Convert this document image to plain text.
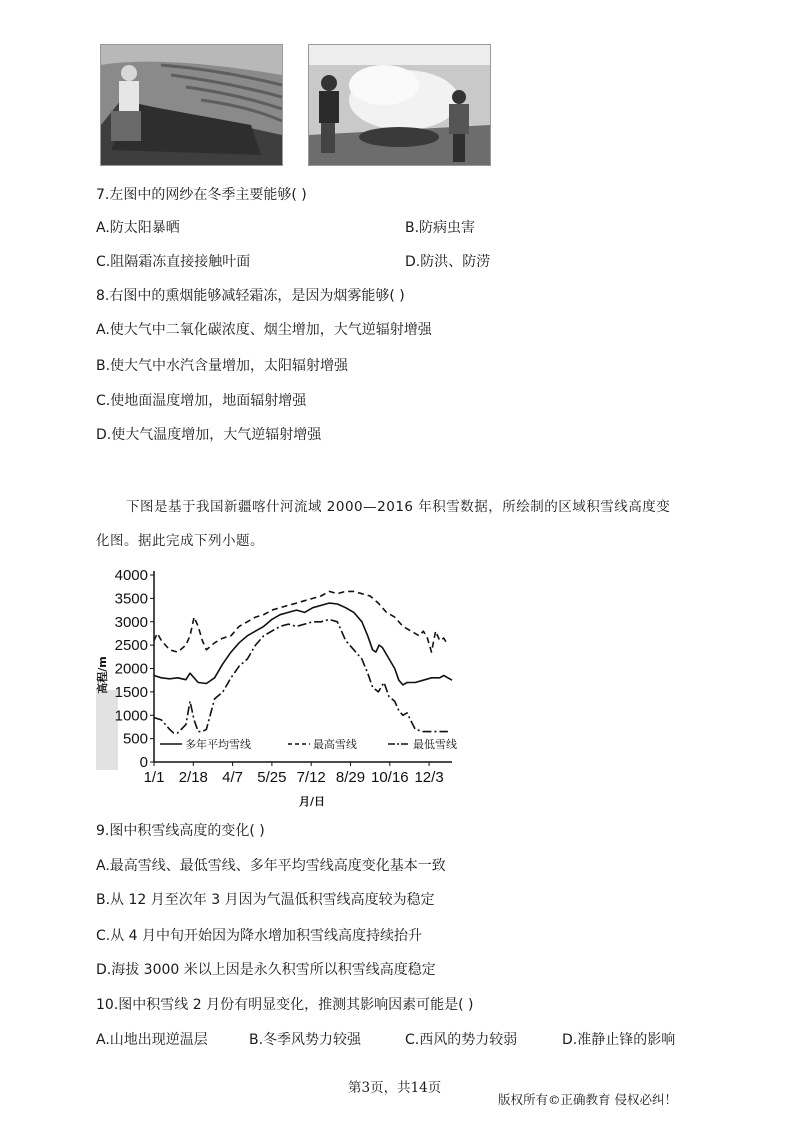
7.左图中的网纱在冬季主要能够( )
A.防太阳暴晒	B.防病虫害
C.阻隔霜冻直接接触叶面	D.防洪、防涝
8.右图中的熏烟能够减轻霜冻，是因为烟雾能够( )
A.使大气中二氧化碳浓度、烟尘增加，大气逆辐射增强
B.使大气中水汽含量增加，太阳辐射增强
C.使地面温度增加，地面辐射增强
D.使大气温度增加，大气逆辐射增强
下图是基于我国新疆喀什河流域 2000—2016 年积雪数据，所绘制的区域积雪线高度变
化图。据此完成下列小题。
0
500
1000
1500
2000
2500
3000
3500
4000
1/1 2/18 4/7 5/25 7/12 8/29 10/16 12/3
高程/m
月/日
多年平均雪线	最高雪线	最低雪线
9.图中积雪线高度的变化( )
A.最高雪线、最低雪线、多年平均雪线高度变化基本一致
B.从 12 月至次年 3 月因为气温低积雪线高度较为稳定
C.从 4 月中旬开始因为降水增加积雪线高度持续抬升
D.海拔 3000 米以上因是永久积雪所以积雪线高度稳定
10.图中积雪线 2 月份有明显变化，推测其影响因素可能是( )
A.山地出现逆温层	B.冬季风势力较强	C.西风的势力较弱	D.准静止锋的影响
第3页，共14页
版权所有©正确教育 侵权必纠！
